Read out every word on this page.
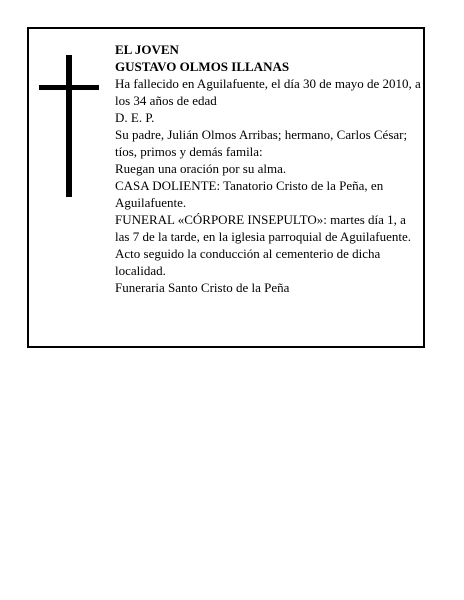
EL JOVEN

GUSTAVO OLMOS ILLANAS

Ha fallecido en Aguilafuente, el día 30 de mayo de 2010, a los 34 años de edad

D. E. P.

Su padre, Julián Olmos Arribas; hermano, Carlos César; tíos, primos y demás famila:

Ruegan una oración por su alma.

CASA DOLIENTE: Tanatorio Cristo de la Peña, en Aguilafuente.

FUNERAL «CÓRPORE INSEPULTO»: martes día 1, a las 7 de la tarde, en la iglesia parroquial de Aguilafuente. Acto seguido la conducción al cementerio de dicha localidad.

Funeraria Santo Cristo de la Peña
